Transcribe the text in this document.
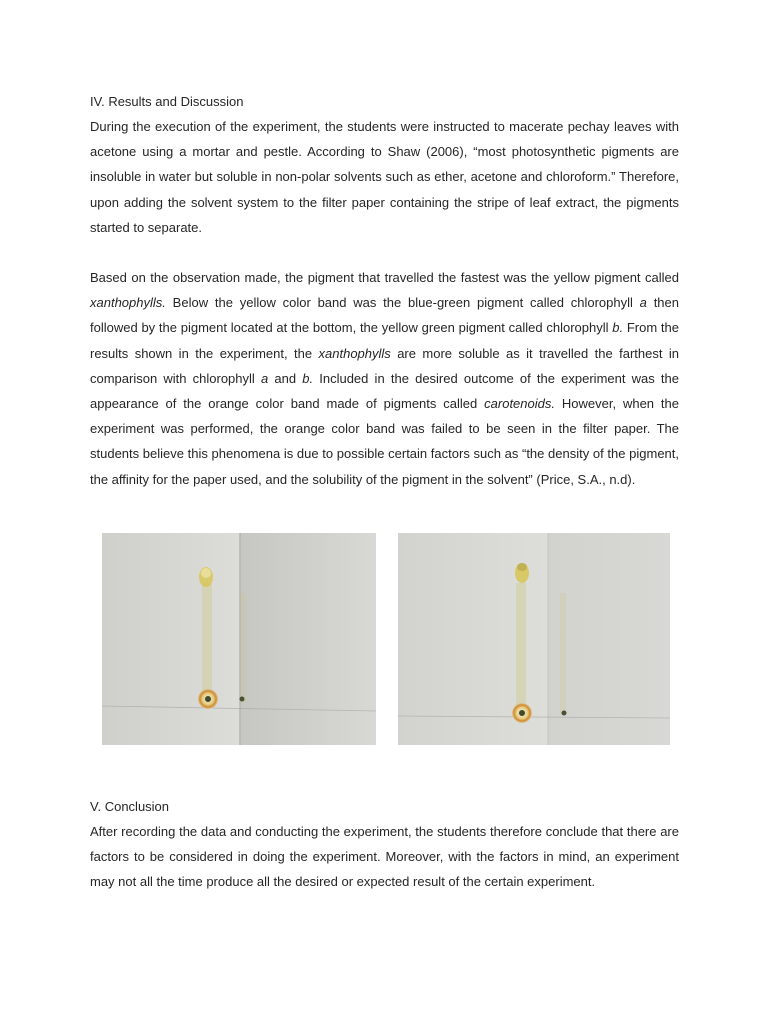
IV. Results and Discussion

During the execution of the experiment, the students were instructed to macerate pechay leaves with acetone using a mortar and pestle. According to Shaw (2006), “most photosynthetic pigments are insoluble in water but soluble in non-polar solvents such as ether, acetone and chloroform.” Therefore, upon adding the solvent system to the filter paper containing the stripe of leaf extract, the pigments started to separate.

Based on the observation made, the pigment that travelled the fastest was the yellow pigment called xanthophylls. Below the yellow color band was the blue-green pigment called chlorophyll a then followed by the pigment located at the bottom, the yellow green pigment called chlorophyll b. From the results shown in the experiment, the xanthophylls are more soluble as it travelled the farthest in comparison with chlorophyll a and b. Included in the desired outcome of the experiment was the appearance of the orange color band made of pigments called carotenoids. However, when the experiment was performed, the orange color band was failed to be seen in the filter paper. The students believe this phenomena is due to possible certain factors such as “the density of the pigment, the affinity for the paper used, and the solubility of the pigment in the solvent” (Price, S.A., n.d).

V. Conclusion

After recording the data and conducting the experiment, the students therefore conclude that there are factors to be considered in doing the experiment. Moreover, with the factors in mind, an experiment may not all the time produce all the desired or expected result of the certain experiment.
